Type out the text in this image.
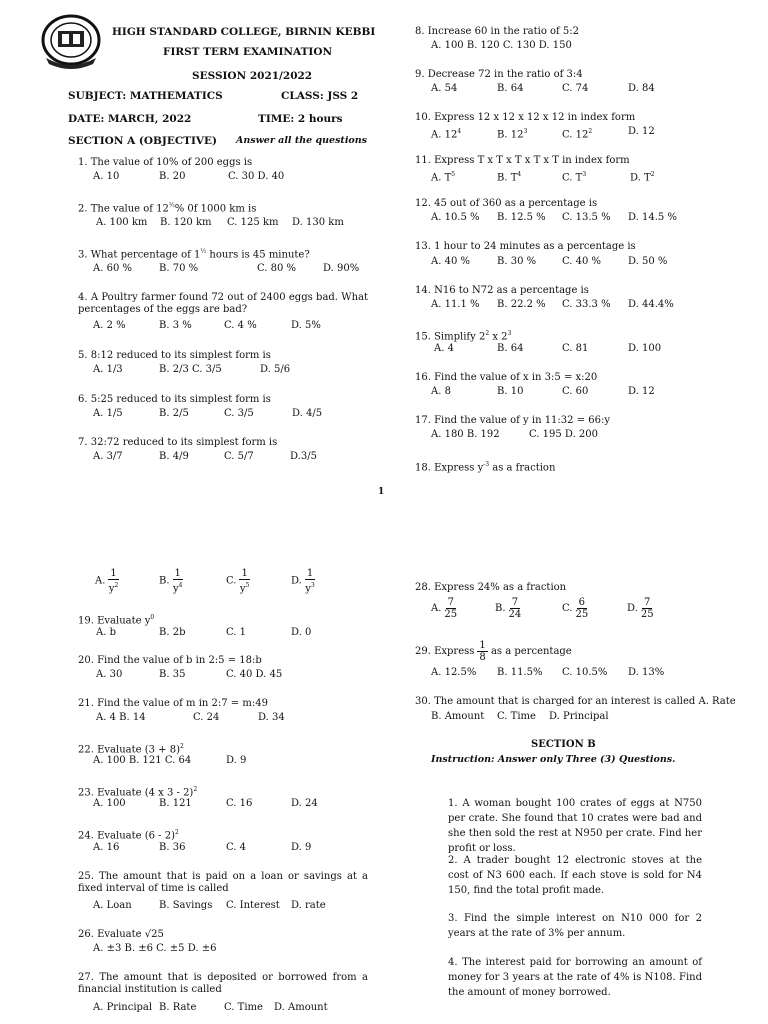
HIGH STANDARD COLLEGE, BIRNIN KEBBI
FIRST TERM EXAMINATION
SESSION 2021/2022
SUBJECT: MATHEMATICS	CLASS: JSS 2
DATE: MARCH, 2022	TIME: 2 hours
SECTION A (OBJECTIVE) Answer all the questions
1. The value of 10% of 200 eggs is
A. 10	B. 20	C. 30 D. 40
2. The value of $12^{\frac{1}{2}}\%$ 0f 1000 km is
A. 100 km B. 120 km C. 125 km D. 130 km
3. What percentage of $1^{\frac{1}{2}}$ hours is 45 minute?
A. 60 %	B. 70 %	C. 80 %	D. 90%
4. A Poultry farmer found 72 out of 2400 eggs bad. What percentages of the eggs are bad?
A. 2 %	B. 3 %	C. 4 %	D. 5%
5. 8:12 reduced to its simplest form is
A. 1/3	B. 2/3 C. 3/5	D. 5/6
6. 5:25 reduced to its simplest form is
A. 1/5	B. 2/5	C. 3/5	D. 4/5
7. 32:72 reduced to its simplest form is
A. 3/7	B. 4/9	C. 5/7	D.3/5
8. Increase 60 in the ratio of 5:2
A. 100 B. 120 C. 130 D. 150
9. Decrease 72 in the ratio of 3:4
A. 54	B. 64	C. 74	D. 84
10. Express 12 x 12 x 12 x 12 in index form
A. $12^4$	B. $12^3$	C. $12^2$	D. 12
11. Express T x T x T x T x T in index form
A. $T^5$	B. $T^4$	C. $T^3$	D. $T^2$
12. 45 out of 360 as a percentage is
A. 10.5 % B. 12.5 % C. 13.5 % D. 14.5 %
13. 1 hour to 24 minutes as a percentage is
A. 40 %	B. 30 %	C. 40 %	D. 50 %
14. N16 to N72 as a percentage is
A. 11.1 % B. 22.2 % C. 33.3 % D. 44.4%
15. Simplify $2^2$ x $2^3$
A. 4	B. 64	C. 81	D. 100
16. Find the value of x in 3:5 = x:20
A. 8	B. 10	C. 60	D. 12
17. Find the value of y in 11:32 = 66:y
A. 180 B. 192	C. 195 D. 200
18. Express $y^{-3}$ as a fraction
1
A. $\frac{1}{y^2}$	B. $\frac{1}{y^4}$	C. $\frac{1}{y^5}$	D. $\frac{1}{y^3}$
19. Evaluate $y^0$
A. b	B. 2b	C. 1	D. 0
20. Find the value of b in 2:5 = 18:b
A. 30	B. 35	C. 40 D. 45
21. Find the value of m in 2:7 = m:49
A. 4 B. 14	C. 24	D. 34
22. Evaluate $(3 + 8)^2$
A. 100 B. 121 C. 64	D. 9
23. Evaluate (4 x 3 - 2)$^2$
A. 100	B. 121	C. 16	D. 24
24. Evaluate (6 - 2)$^2$
A. 16	B. 36	C. 4	D. 9
25. The amount that is paid on a loan or savings at a fixed interval of time is called
A. Loan	B. Savings C. Interest D. rate
26. Evaluate √25
A. ±3 B. ±6 C. ±5 D. ±6
27. The amount that is deposited or borrowed from a financial institution is called
A. Principal B. Rate	C. Time D. Amount
28. Express 24% as a fraction
A. $\frac{7}{25}$	B. $\frac{7}{24}$	C. $\frac{6}{25}$	D. $\frac{7}{25}$
29. Express $\frac{1}{8}$ as a percentage
A. 12.5% B. 11.5% C. 10.5% D. 13%
30. The amount that is charged for an interest is called A. Rate
B. Amount C. Time D. Principal
SECTION B
Instruction: Answer only Three (3) Questions.
1. A woman bought 100 crates of eggs at N750 per crate. She found that 10 crates were bad and she then sold the rest at N950 per crate. Find her profit or loss.
2. A trader bought 12 electronic stoves at the cost of N3 600 each. If each stove is sold for N4 150, find the total profit made.
3. Find the simple interest on N10 000 for 2 years at the rate of 3% per annum.
4. The interest paid for borrowing an amount of money for 3 years at the rate of 4% is N108. Find the amount of money borrowed.
